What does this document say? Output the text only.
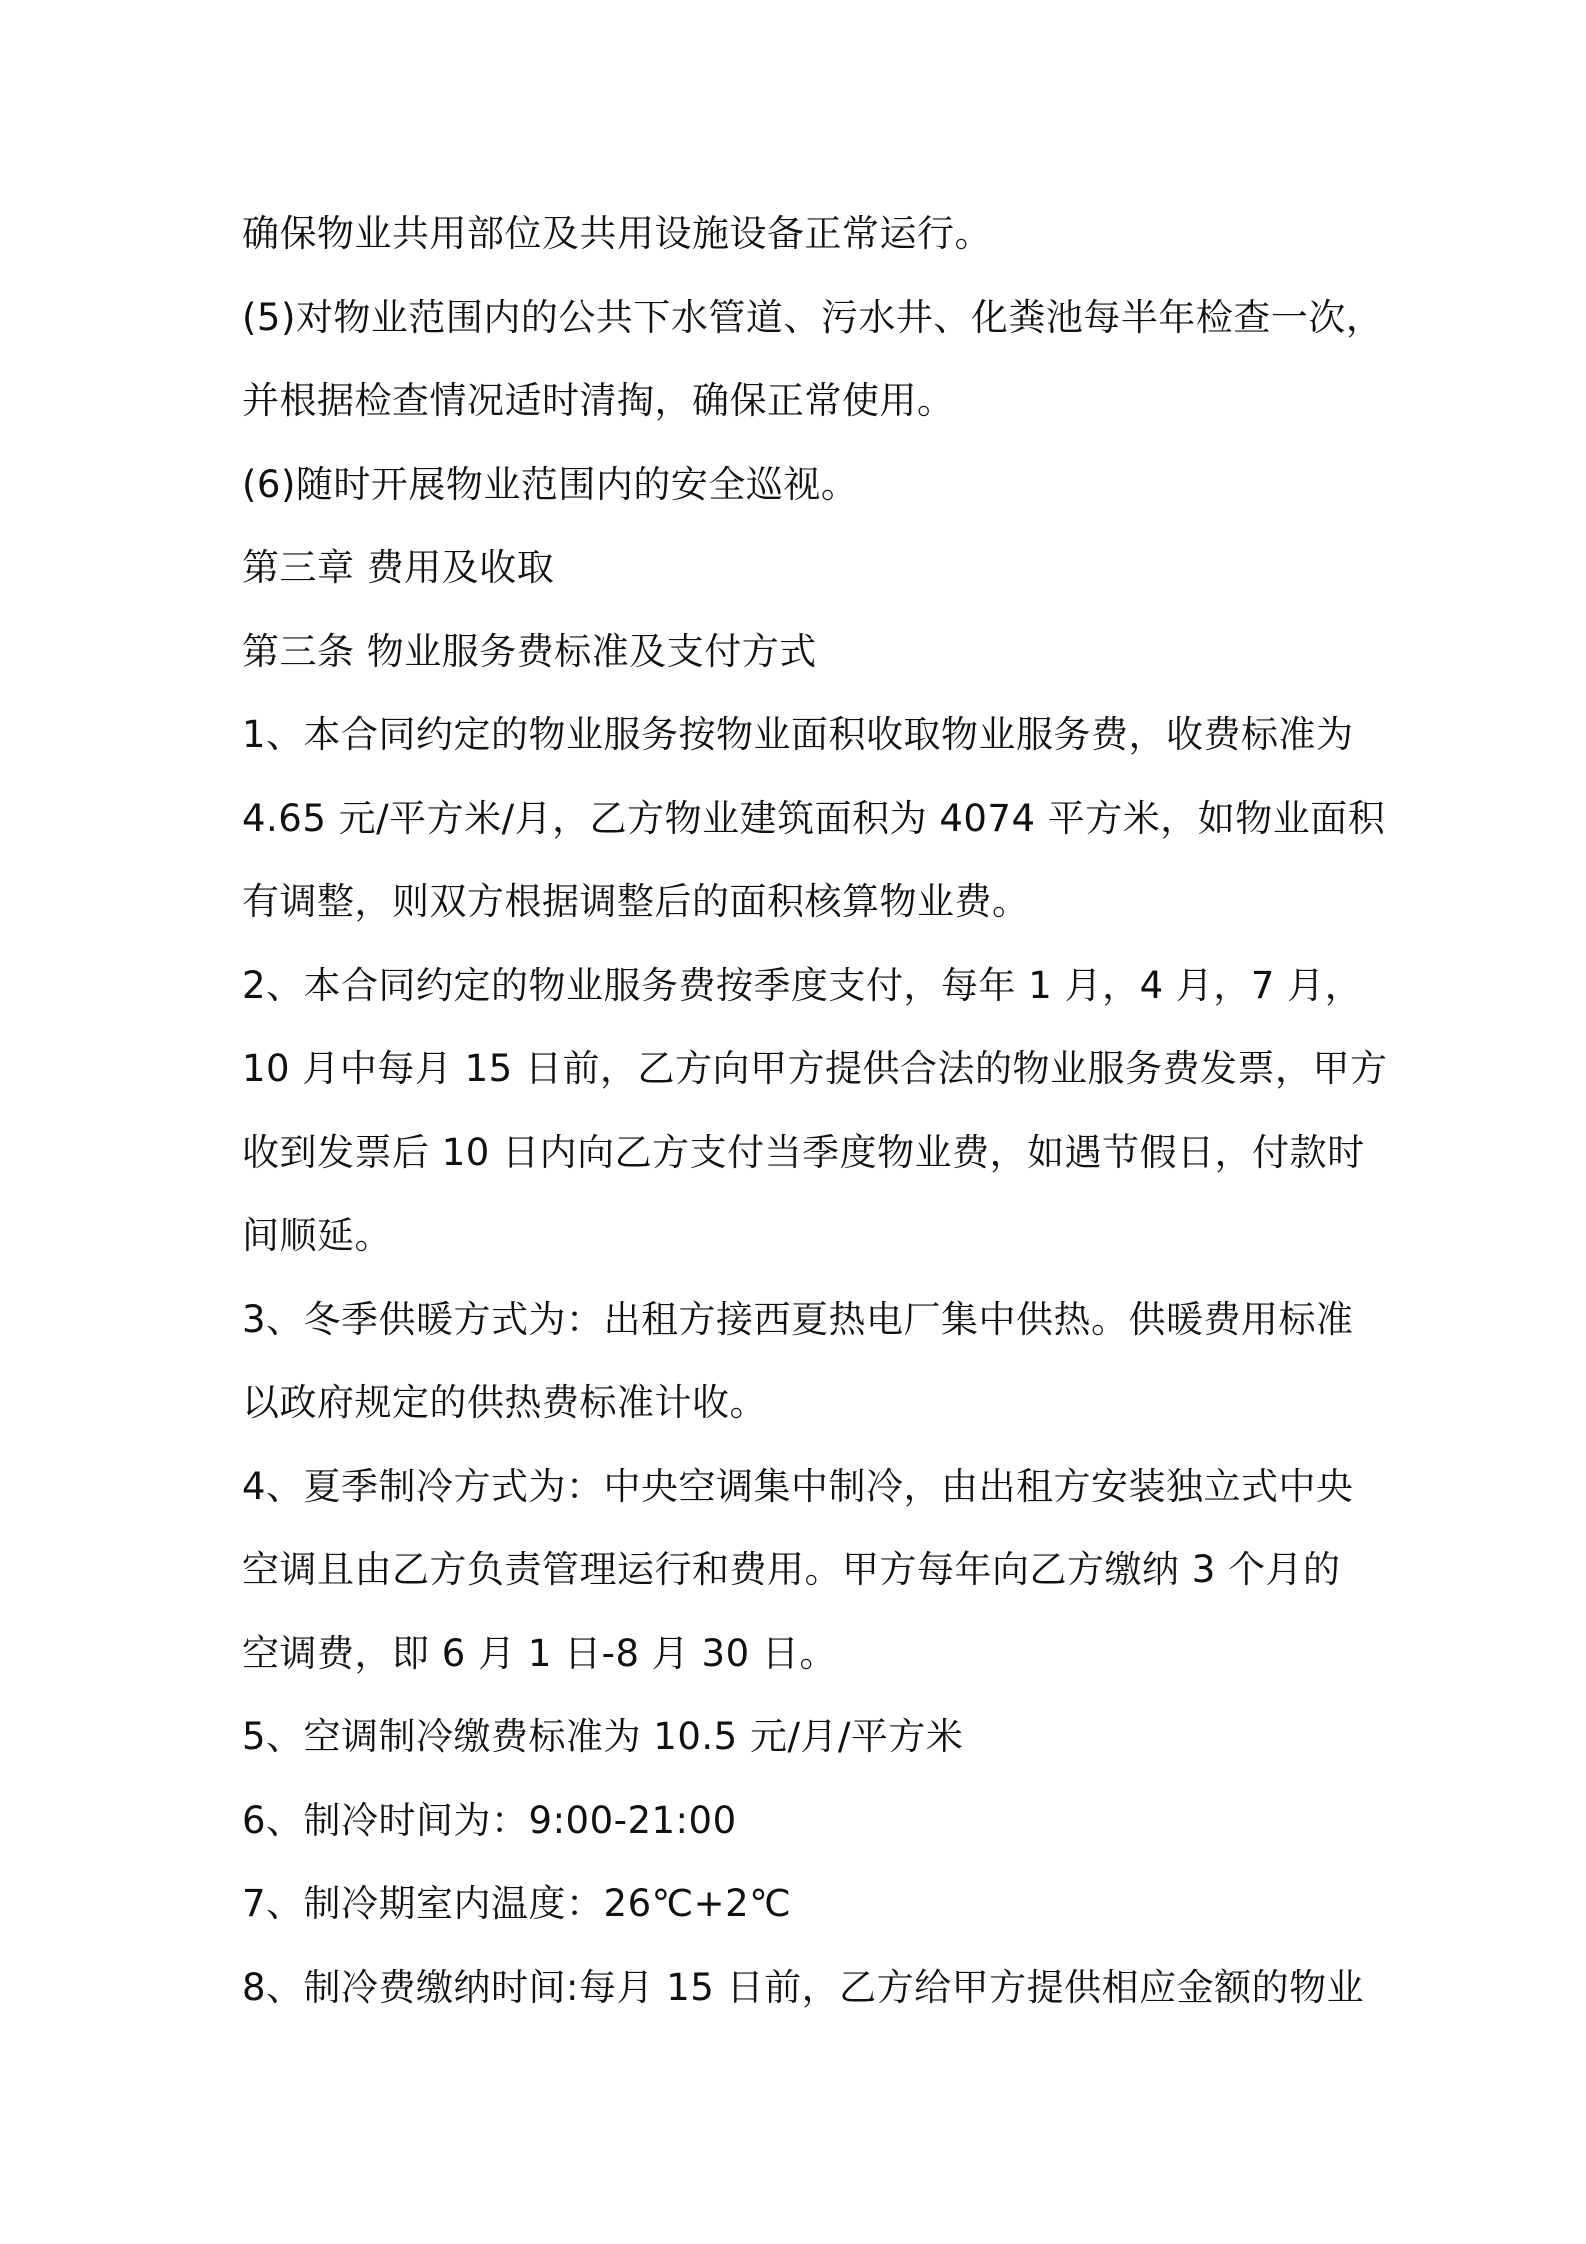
确保物业共用部位及共用设施设备正常运行。
(5)对物业范围内的公共下水管道、污水井、化粪池每半年检查一次，
并根据检查情况适时清掏，确保正常使用。
(6)随时开展物业范围内的安全巡视。
第三章 费用及收取
第三条 物业服务费标准及支付方式
1、本合同约定的物业服务按物业面积收取物业服务费，收费标准为
4.65 元/平方米/月，乙方物业建筑面积为 4074 平方米，如物业面积
有调整，则双方根据调整后的面积核算物业费。
2、本合同约定的物业服务费按季度支付，每年 1 月，4 月，7 月，
10 月中每月 15 日前，乙方向甲方提供合法的物业服务费发票，甲方
收到发票后 10 日内向乙方支付当季度物业费，如遇节假日，付款时
间顺延。
3、冬季供暖方式为：出租方接西夏热电厂集中供热。供暖费用标准
以政府规定的供热费标准计收。
4、夏季制冷方式为：中央空调集中制冷，由出租方安装独立式中央
空调且由乙方负责管理运行和费用。甲方每年向乙方缴纳 3 个月的
空调费，即 6 月 1 日-8 月 30 日。
5、空调制冷缴费标准为 10.5 元/月/平方米
6、制冷时间为：9:00-21:00
7、制冷期室内温度：26℃+2℃
8、制冷费缴纳时间:每月 15 日前，乙方给甲方提供相应金额的物业
